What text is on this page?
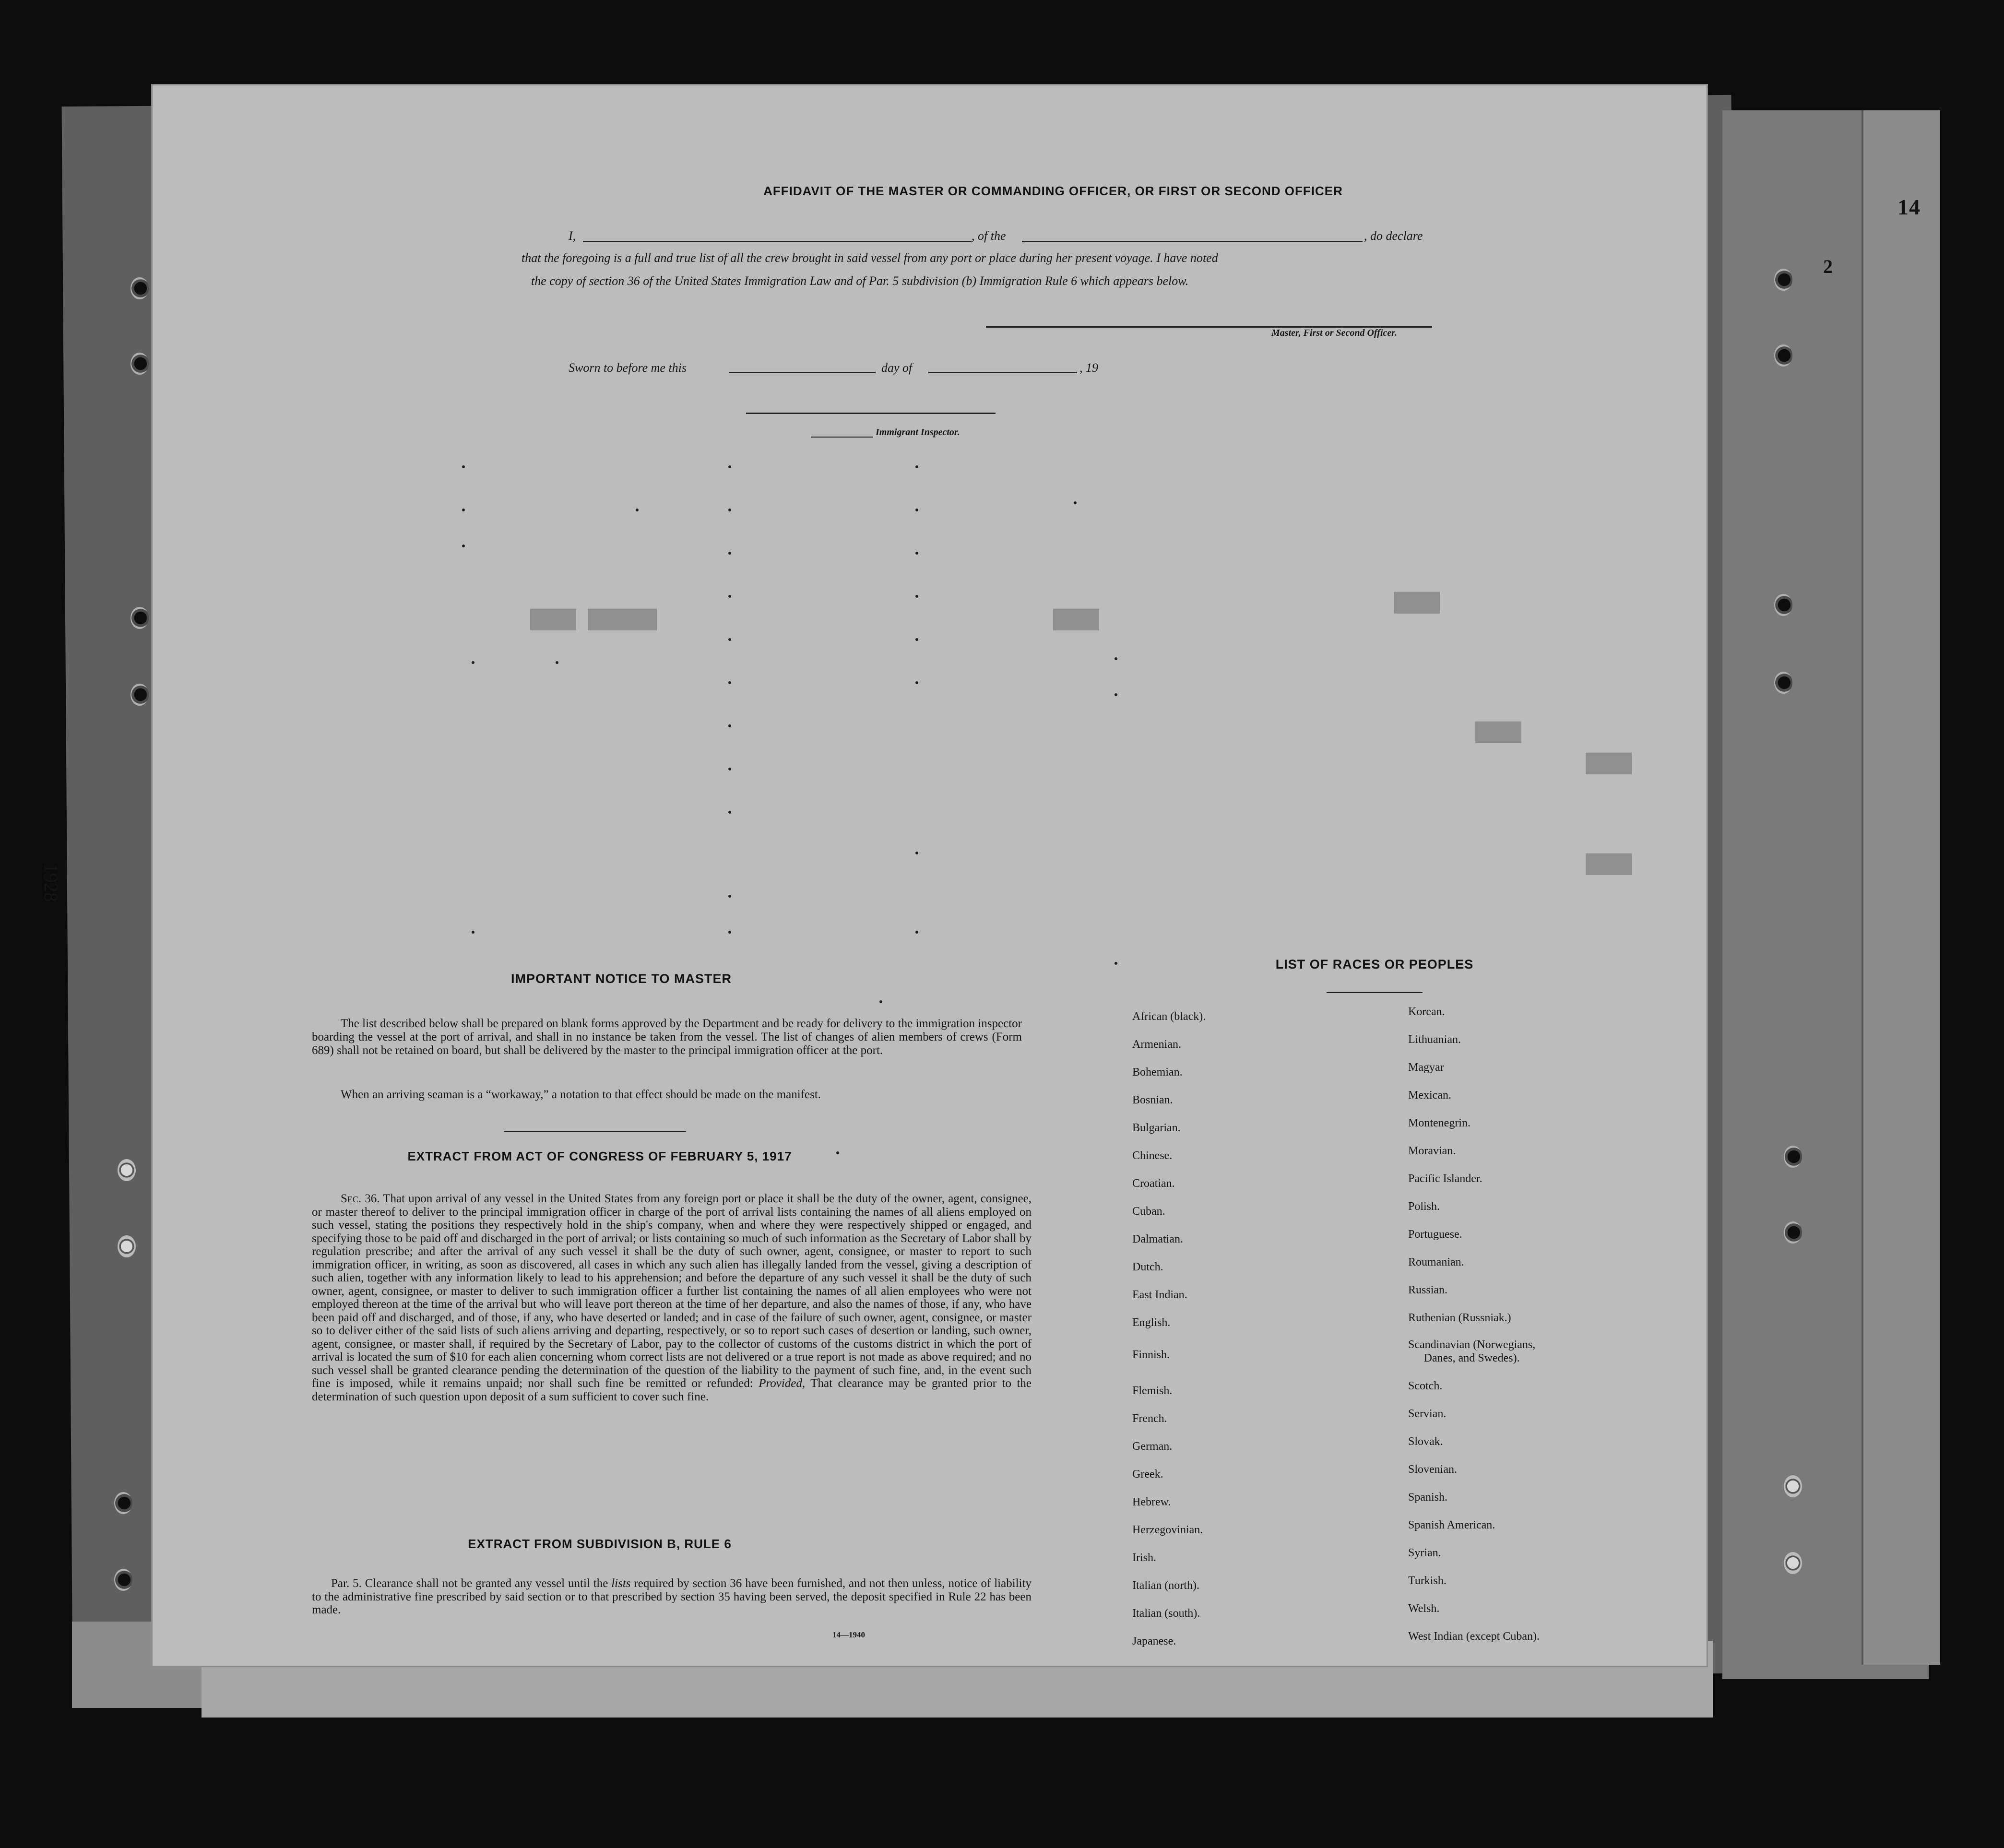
14
1928
████ ██████	████
████
████
████
████
AFFIDAVIT OF THE MASTER OR COMMANDING OFFICER, OR FIRST OR SECOND OFFICER
I,	, of the	, do declare
that the foregoing is a full and true list of all the crew brought in said vessel from any port or place during her present voyage. I have noted
the copy of section 36 of the United States Immigration Law and of Par. 5 subdivision (b) Immigration Rule 6 which appears below.
Master, First or Second Officer.
Sworn to before me this	day of	, 19
Immigrant Inspector.
IMPORTANT NOTICE TO MASTER
The list described below shall be prepared on blank forms approved by the Department and be ready for delivery to the immigration inspector boarding the vessel at the port of arrival, and shall in no instance be taken from the vessel. The list of changes of alien members of crews (Form 689) shall not be retained on board, but shall be delivered by the master to the principal immigration officer at the port.
When an arriving seaman is a “workaway,” a notation to that effect should be made on the manifest.
EXTRACT FROM ACT OF CONGRESS OF FEBRUARY 5, 1917
Sec. 36. That upon arrival of any vessel in the United States from any foreign port or place it shall be the duty of the owner, agent, consignee, or master thereof to deliver to the principal immigration officer in charge of the port of arrival lists containing the names of all aliens employed on such vessel, stating the positions they respectively hold in the ship's company, when and where they were respectively shipped or engaged, and specifying those to be paid off and discharged in the port of arrival; or lists containing so much of such information as the Secretary of Labor shall by regulation prescribe; and after the arrival of any such vessel it shall be the duty of such owner, agent, consignee, or master to report to such immigration officer, in writing, as soon as discovered, all cases in which any such alien has illegally landed from the vessel, giving a description of such alien, together with any information likely to lead to his apprehension; and before the departure of any such vessel it shall be the duty of such owner, agent, consignee, or master to deliver to such immigration officer a further list containing the names of all alien employees who were not employed thereon at the time of the arrival but who will leave port thereon at the time of her departure, and also the names of those, if any, who have been paid off and discharged, and of those, if any, who have deserted or landed; and in case of the failure of such owner, agent, consignee, or master so to deliver either of the said lists of such aliens arriving and departing, respectively, or so to report such cases of desertion or landing, such owner, agent, consignee, or master shall, if required by the Secretary of Labor, pay to the collector of customs of the customs district in which the port of arrival is located the sum of $10 for each alien concerning whom correct lists are not delivered or a true report is not made as above required; and no such vessel shall be granted clearance pending the determination of the question of the liability to the payment of such fine, and, in the event such fine is imposed, while it remains unpaid; nor shall such fine be remitted or refunded: Provided, That clearance may be granted prior to the determination of such question upon deposit of a sum sufficient to cover such fine.
EXTRACT FROM SUBDIVISION B, RULE 6
Par. 5. Clearance shall not be granted any vessel until the lists required by section 36 have been furnished, and not then unless, notice of liability to the administrative fine prescribed by said section or to that prescribed by section 35 having been served, the deposit specified in Rule 22 has been made.
14—1940
LIST OF RACES OR PEOPLES
African (black).
Armenian.
Bohemian.
Bosnian.
Bulgarian.
Chinese.
Croatian.
Cuban.
Dalmatian.
Dutch.
East Indian.
English.
Finnish.
Flemish.
French.
German.
Greek.
Hebrew.
Herzegovinian.
Irish.
Italian (north).
Italian (south).
Japanese.
Korean.
Lithuanian.
Magyar
Mexican.
Montenegrin.
Moravian.
Pacific Islander.
Polish.
Portuguese.
Roumanian.
Russian.
Ruthenian (Russniak.)
Scandinavian (Norwegians,
Danes, and Swedes).
Scotch.
Servian.
Slovak.
Slovenian.
Spanish.
Spanish American.
Syrian.
Turkish.
Welsh.
West Indian (except Cuban).
2
